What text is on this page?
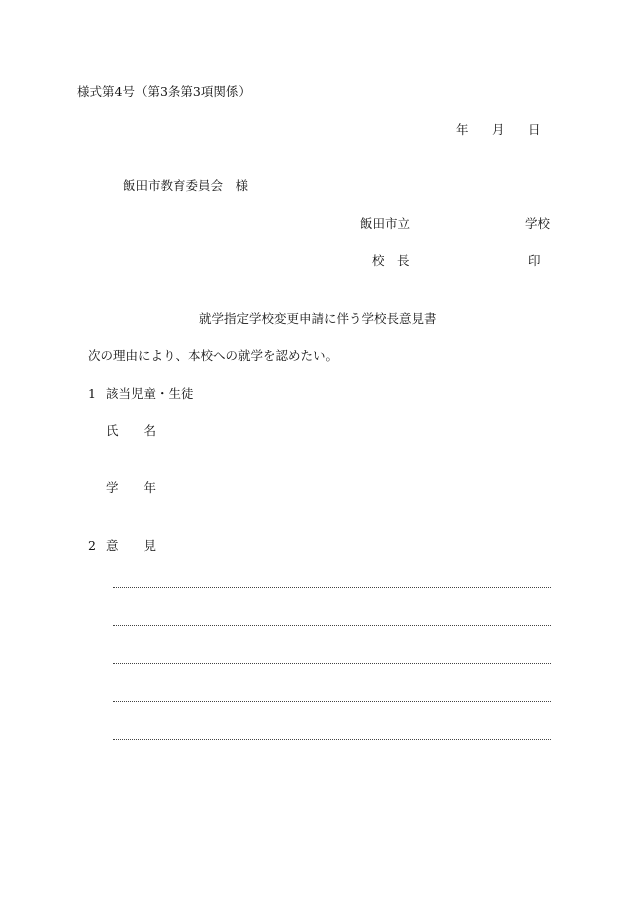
様式第4号（第3条第3項関係）
年 月 日
飯田市教育委員会　様
飯田市立	学校
校　長	印
就学指定学校変更申請に伴う学校長意見書
次の理由により、本校への就学を認めたい。
1 該当児童・生徒
氏　　名
学　　年
2 意　　見
